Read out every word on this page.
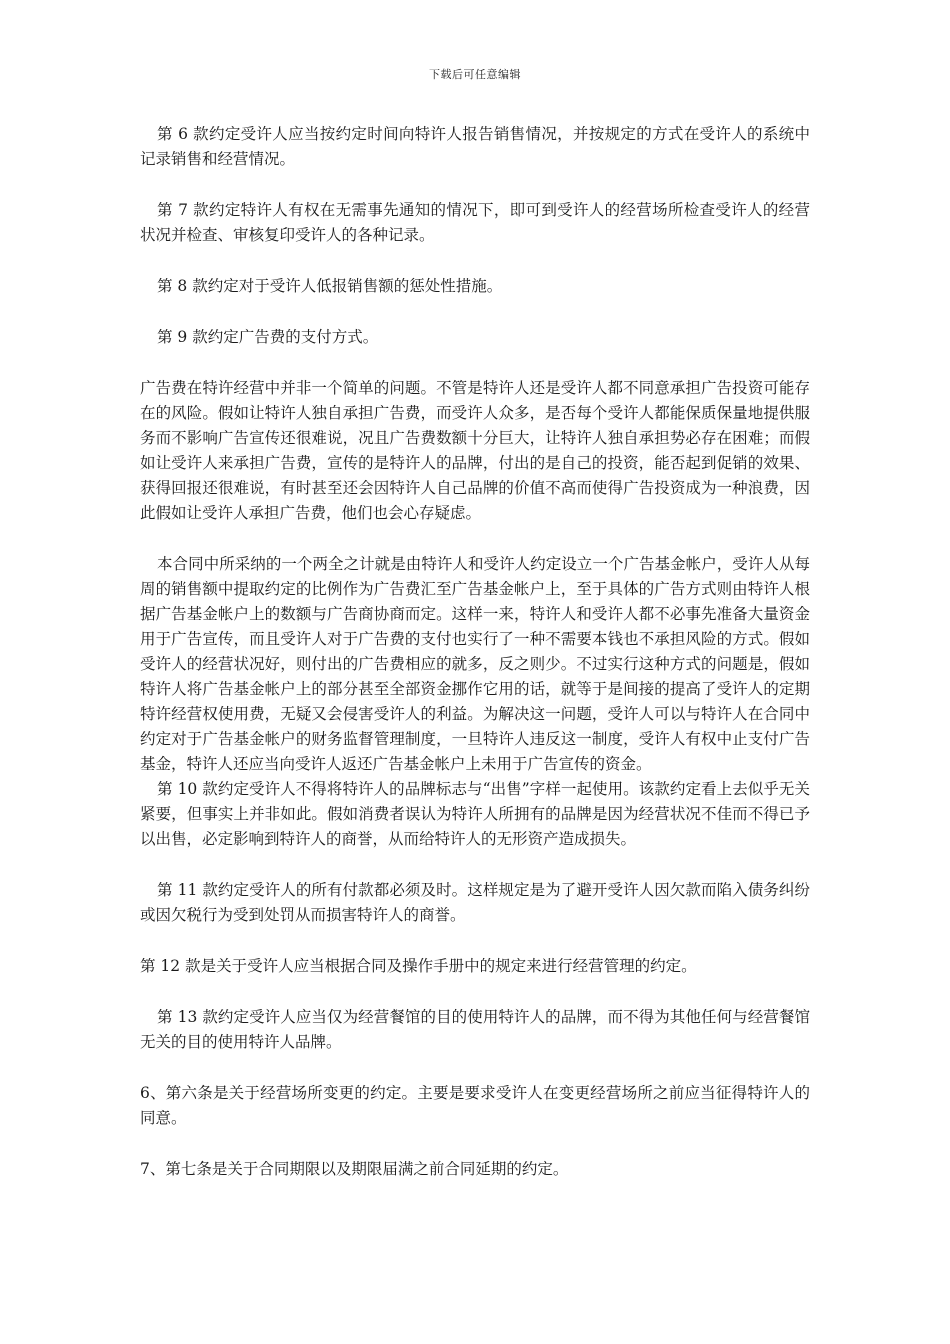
下载后可任意编辑

第 6 款约定受许人应当按约定时间向特许人报告销售情况，并按规定的方式在受许人的系统中记录销售和经营情况。

第 7 款约定特许人有权在无需事先通知的情况下，即可到受许人的经营场所检查受许人的经营状况并检查、审核复印受许人的各种记录。

第 8 款约定对于受许人低报销售额的惩处性措施。

第 9 款约定广告费的支付方式。

广告费在特许经营中并非一个简单的问题。不管是特许人还是受许人都不同意承担广告投资可能存在的风险。假如让特许人独自承担广告费，而受许人众多，是否每个受许人都能保质保量地提供服务而不影响广告宣传还很难说，况且广告费数额十分巨大，让特许人独自承担势必存在困难；而假如让受许人来承担广告费，宣传的是特许人的品牌，付出的是自己的投资，能否起到促销的效果、获得回报还很难说，有时甚至还会因特许人自己品牌的价值不高而使得广告投资成为一种浪费，因此假如让受许人承担广告费，他们也会心存疑虑。

本合同中所采纳的一个两全之计就是由特许人和受许人约定设立一个广告基金帐户，受许人从每周的销售额中提取约定的比例作为广告费汇至广告基金帐户上，至于具体的广告方式则由特许人根据广告基金帐户上的数额与广告商协商而定。这样一来，特许人和受许人都不必事先准备大量资金用于广告宣传，而且受许人对于广告费的支付也实行了一种不需要本钱也不承担风险的方式。假如受许人的经营状况好，则付出的广告费相应的就多，反之则少。不过实行这种方式的问题是，假如特许人将广告基金帐户上的部分甚至全部资金挪作它用的话，就等于是间接的提高了受许人的定期特许经营权使用费，无疑又会侵害受许人的利益。为解决这一问题，受许人可以与特许人在合同中约定对于广告基金帐户的财务监督管理制度，一旦特许人违反这一制度，受许人有权中止支付广告基金，特许人还应当向受许人返还广告基金帐户上未用于广告宣传的资金。

第 10 款约定受许人不得将特许人的品牌标志与“出售”字样一起使用。该款约定看上去似乎无关紧要，但事实上并非如此。假如消费者误认为特许人所拥有的品牌是因为经营状况不佳而不得已予以出售，必定影响到特许人的商誉，从而给特许人的无形资产造成损失。

第 11 款约定受许人的所有付款都必须及时。这样规定是为了避开受许人因欠款而陷入债务纠纷或因欠税行为受到处罚从而损害特许人的商誉。

第 12 款是关于受许人应当根据合同及操作手册中的规定来进行经营管理的约定。

第 13 款约定受许人应当仅为经营餐馆的目的使用特许人的品牌，而不得为其他任何与经营餐馆 无关的目的使用特许人品牌。

6、第六条是关于经营场所变更的约定。主要是要求受许人在变更经营场所之前应当征得特许人的同意。

7、第七条是关于合同期限以及期限届满之前合同延期的约定。
